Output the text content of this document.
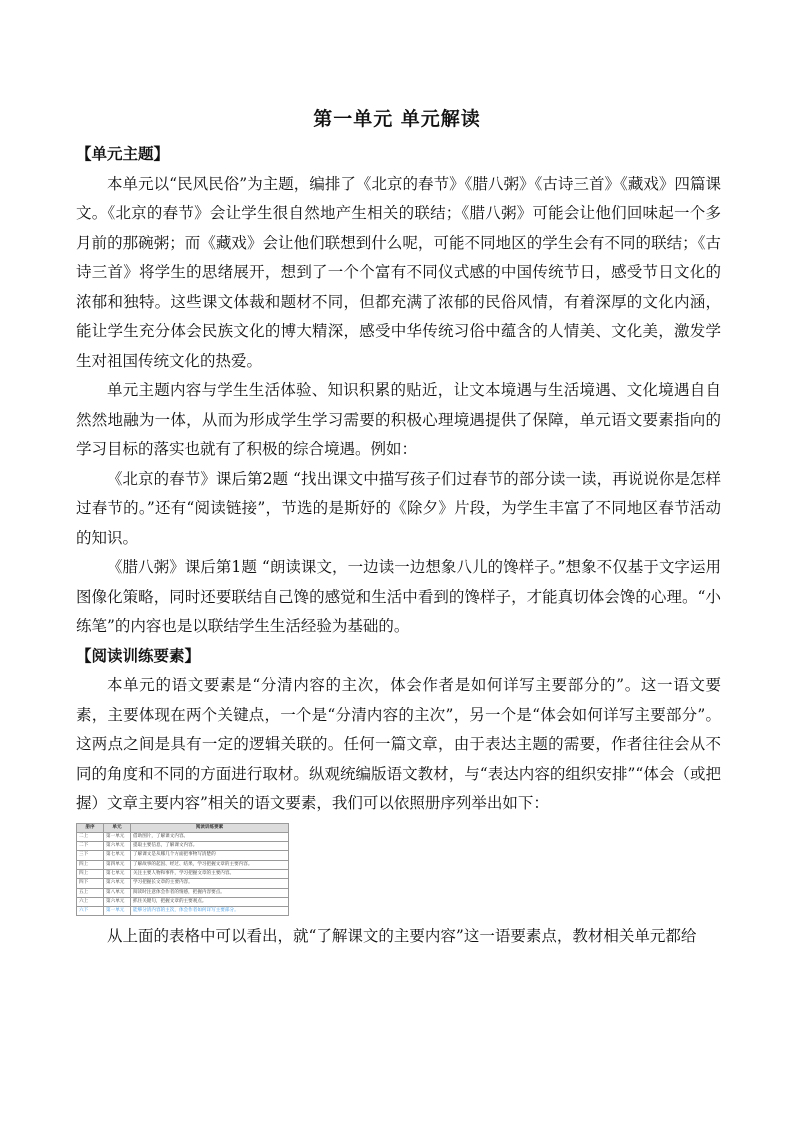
第一单元 单元解读
【单元主题】

本单元以“民风民俗”为主题，编排了《北京的春节》《腊八粥》《古诗三首》《藏戏》四篇课文。《北京的春节》会让学生很自然地产生相关的联结；《腊八粥》可能会让他们回味起一个多月前的那碗粥；而《藏戏》会让他们联想到什么呢，可能不同地区的学生会有不同的联结；《古诗三首》将学生的思绪展开，想到了一个个富有不同仪式感的中国传统节日，感受节日文化的浓郁和独特。这些课文体裁和题材不同，但都充满了浓郁的民俗风情，有着深厚的文化内涵，能让学生充分体会民族文化的博大精深，感受中华传统习俗中蕴含的人情美、文化美，激发学生对祖国传统文化的热爱。

单元主题内容与学生生活体验、知识积累的贴近，让文本境遇与生活境遇、文化境遇自自然然地融为一体，从而为形成学生学习需要的积极心理境遇提供了保障，单元语文要素指向的学习目标的落实也就有了积极的综合境遇。例如：

《北京的春节》课后第2题 “找出课文中描写孩子们过春节的部分读一读，再说说你是怎样过春节的。”还有“阅读链接”，节选的是斯妤的《除夕》片段，为学生丰富了不同地区春节活动的知识。

《腊八粥》课后第1题 “朗读课文，一边读一边想象八儿的馋样子。”想象不仅基于文字运用图像化策略，同时还要联结自己馋的感觉和生活中看到的馋样子，才能真切体会馋的心理。“小练笔”的内容也是以联结学生生活经验为基础的。

【阅读训练要素】

本单元的语文要素是“分清内容的主次，体会作者是如何详写主要部分的”。这一语文要素，主要体现在两个关键点，一个是“分清内容的主次”，另一个是“体会如何详写主要部分”。这两点之间是具有一定的逻辑关联的。任何一篇文章，由于表达主题的需要，作者往往会从不同的角度和不同的方面进行取材。纵观统编版语文教材，与“表达内容的组织安排”“体会（或把握）文章主要内容”相关的语文要素，我们可以依照册序列举出如下：

册序	单元	阅读训练要素
二上	第一单元	借助图片，了解课文内容。
二下	第六单元	提取主要信息，了解课文内容。
三下	第七单元	了解课文是从哪几个方面把事物写清楚的
四上	第四单元	了解故事的起因、经过、结果，学习把握文章的主要内容。
四上	第七单元	关注主要人物和事件，学习把握文章的主要内容。
四下	第六单元	学习把握长文章的主要内容。
五上	第八单元	阅读时注意体会作者的情感，把握内容要点。
六上	第六单元	抓住关键句，把握文章的主要观点。
六下	第一单元	能够分清内容的主次，体会作者如何详写主要部分。

从上面的表格中可以看出，就“了解课文的主要内容”这一语要素点，教材相关单元都给
